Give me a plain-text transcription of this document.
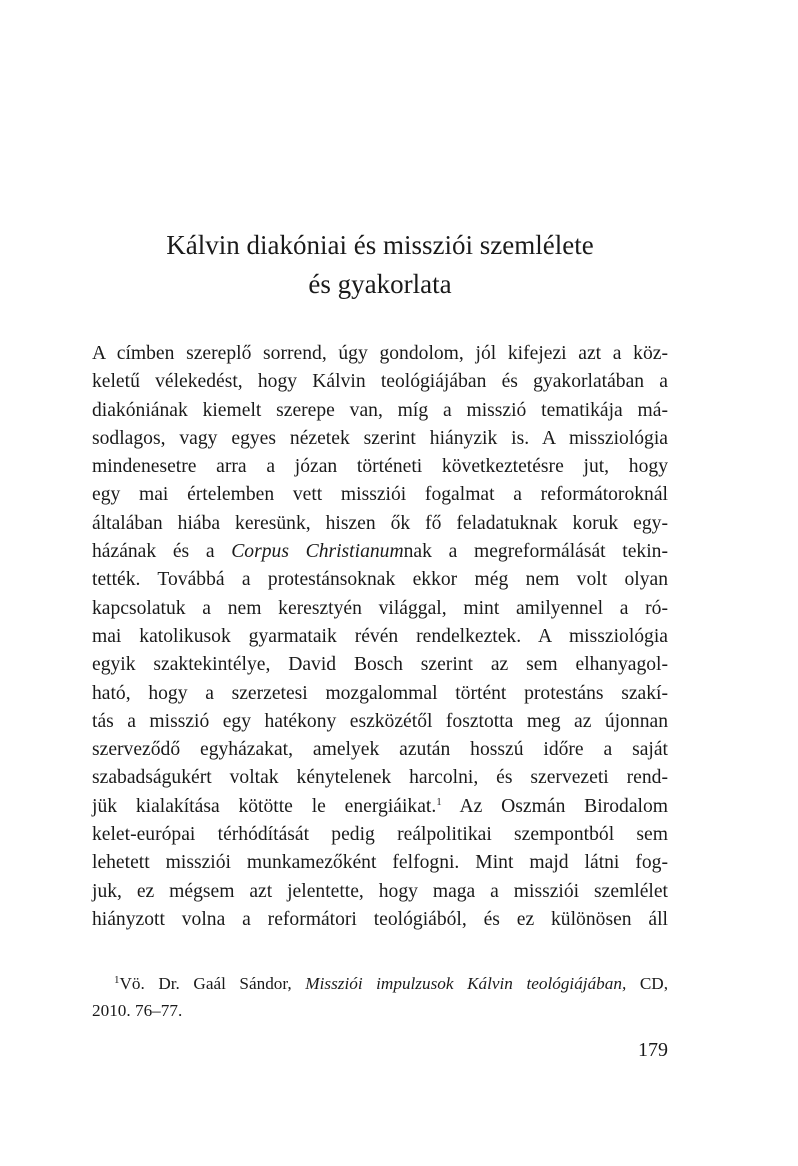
Kálvin diakóniai és missziói szemlélete
és gyakorlata
A címben szereplő sorrend, úgy gondolom, jól kifejezi azt a köz-
keletű vélekedést, hogy Kálvin teológiájában és gyakorlatában a
diakóniának kiemelt szerepe van, míg a misszió tematikája má-
sodlagos, vagy egyes nézetek szerint hiányzik is. A missziológia
mindenesetre arra a józan történeti következtetésre jut, hogy
egy mai értelemben vett missziói fogalmat a reformátoroknál
általában hiába keresünk, hiszen ők fő feladatuknak koruk egy-
házának és a Corpus Christianumnak a megreformálását tekin-
tették. Továbbá a protestánsoknak ekkor még nem volt olyan
kapcsolatuk a nem keresztyén világgal, mint amilyennel a ró-
mai katolikusok gyarmataik révén rendelkeztek. A missziológia
egyik szaktekintélye, David Bosch szerint az sem elhanyagol-
ható, hogy a szerzetesi mozgalommal történt protestáns szakí-
tás a misszió egy hatékony eszközétől fosztotta meg az újonnan
szerveződő egyházakat, amelyek azután hosszú időre a saját
szabadságukért voltak kénytelenek harcolni, és szervezeti rend-
jük kialakítása kötötte le energiáikat.$^1$ Az Oszmán Birodalom
kelet-európai térhódítását pedig reálpolitikai szempontból sem
lehetett missziói munkamezőként felfogni. Mint majd látni fog-
juk, ez mégsem azt jelentette, hogy maga a missziói szemlélet
hiányzott volna a reformátori teológiából, és ez különösen áll
$^1$Vö. Dr. Gaál Sándor, Missziói impulzusok Kálvin teológiájában, CD,
2010. 76–77.
179
